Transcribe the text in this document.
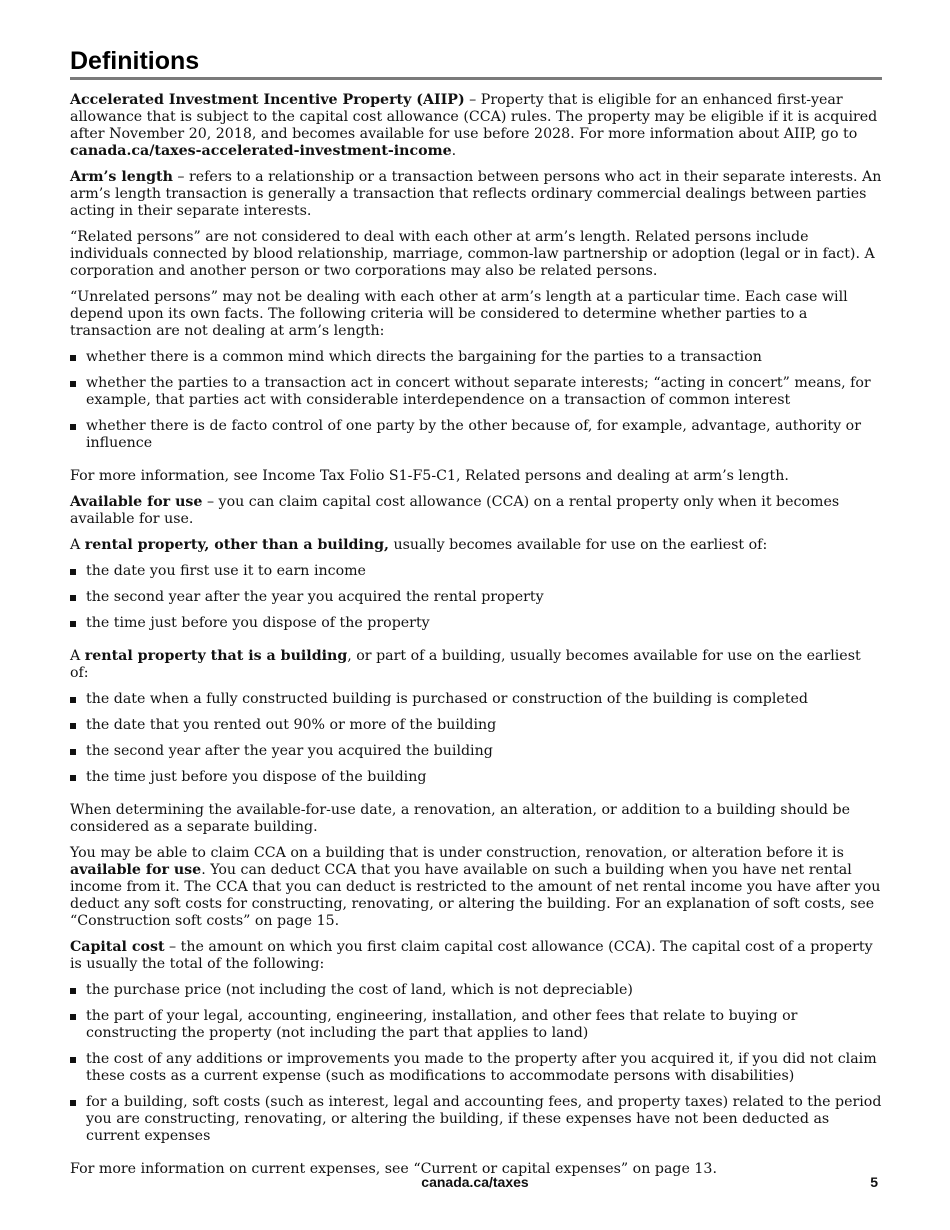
Definitions

Accelerated Investment Incentive Property (AIIP) – Property that is eligible for an enhanced first-year allowance that is subject to the capital cost allowance (CCA) rules. The property may be eligible if it is acquired after November 20, 2018, and becomes available for use before 2028. For more information about AIIP, go to canada.ca/taxes-accelerated-investment-income.

Arm’s length – refers to a relationship or a transaction between persons who act in their separate interests. An arm’s length transaction is generally a transaction that reflects ordinary commercial dealings between parties acting in their separate interests.

“Related persons” are not considered to deal with each other at arm’s length. Related persons include individuals connected by blood relationship, marriage, common-law partnership or adoption (legal or in fact). A corporation and another person or two corporations may also be related persons.

“Unrelated persons” may not be dealing with each other at arm’s length at a particular time. Each case will depend upon its own facts. The following criteria will be considered to determine whether parties to a transaction are not dealing at arm’s length:

whether there is a common mind which directs the bargaining for the parties to a transaction
whether the parties to a transaction act in concert without separate interests; “acting in concert” means, for example, that parties act with considerable interdependence on a transaction of common interest
whether there is de facto control of one party by the other because of, for example, advantage, authority or influence

For more information, see Income Tax Folio S1-F5-C1, Related persons and dealing at arm’s length.

Available for use – you can claim capital cost allowance (CCA) on a rental property only when it becomes available for use.

A rental property, other than a building, usually becomes available for use on the earliest of:

the date you first use it to earn income
the second year after the year you acquired the rental property
the time just before you dispose of the property

A rental property that is a building, or part of a building, usually becomes available for use on the earliest of:

the date when a fully constructed building is purchased or construction of the building is completed
the date that you rented out 90% or more of the building
the second year after the year you acquired the building
the time just before you dispose of the building

When determining the available-for-use date, a renovation, an alteration, or addition to a building should be considered as a separate building.

You may be able to claim CCA on a building that is under construction, renovation, or alteration before it is available for use. You can deduct CCA that you have available on such a building when you have net rental income from it. The CCA that you can deduct is restricted to the amount of net rental income you have after you deduct any soft costs for constructing, renovating, or altering the building. For an explanation of soft costs, see “Construction soft costs” on page 15.

Capital cost – the amount on which you first claim capital cost allowance (CCA). The capital cost of a property is usually the total of the following:

the purchase price (not including the cost of land, which is not depreciable)
the part of your legal, accounting, engineering, installation, and other fees that relate to buying or constructing the property (not including the part that applies to land)
the cost of any additions or improvements you made to the property after you acquired it, if you did not claim these costs as a current expense (such as modifications to accommodate persons with disabilities)
for a building, soft costs (such as interest, legal and accounting fees, and property taxes) related to the period you are constructing, renovating, or altering the building, if these expenses have not been deducted as current expenses

For more information on current expenses, see “Current or capital expenses” on page 13.

canada.ca/taxes	5
